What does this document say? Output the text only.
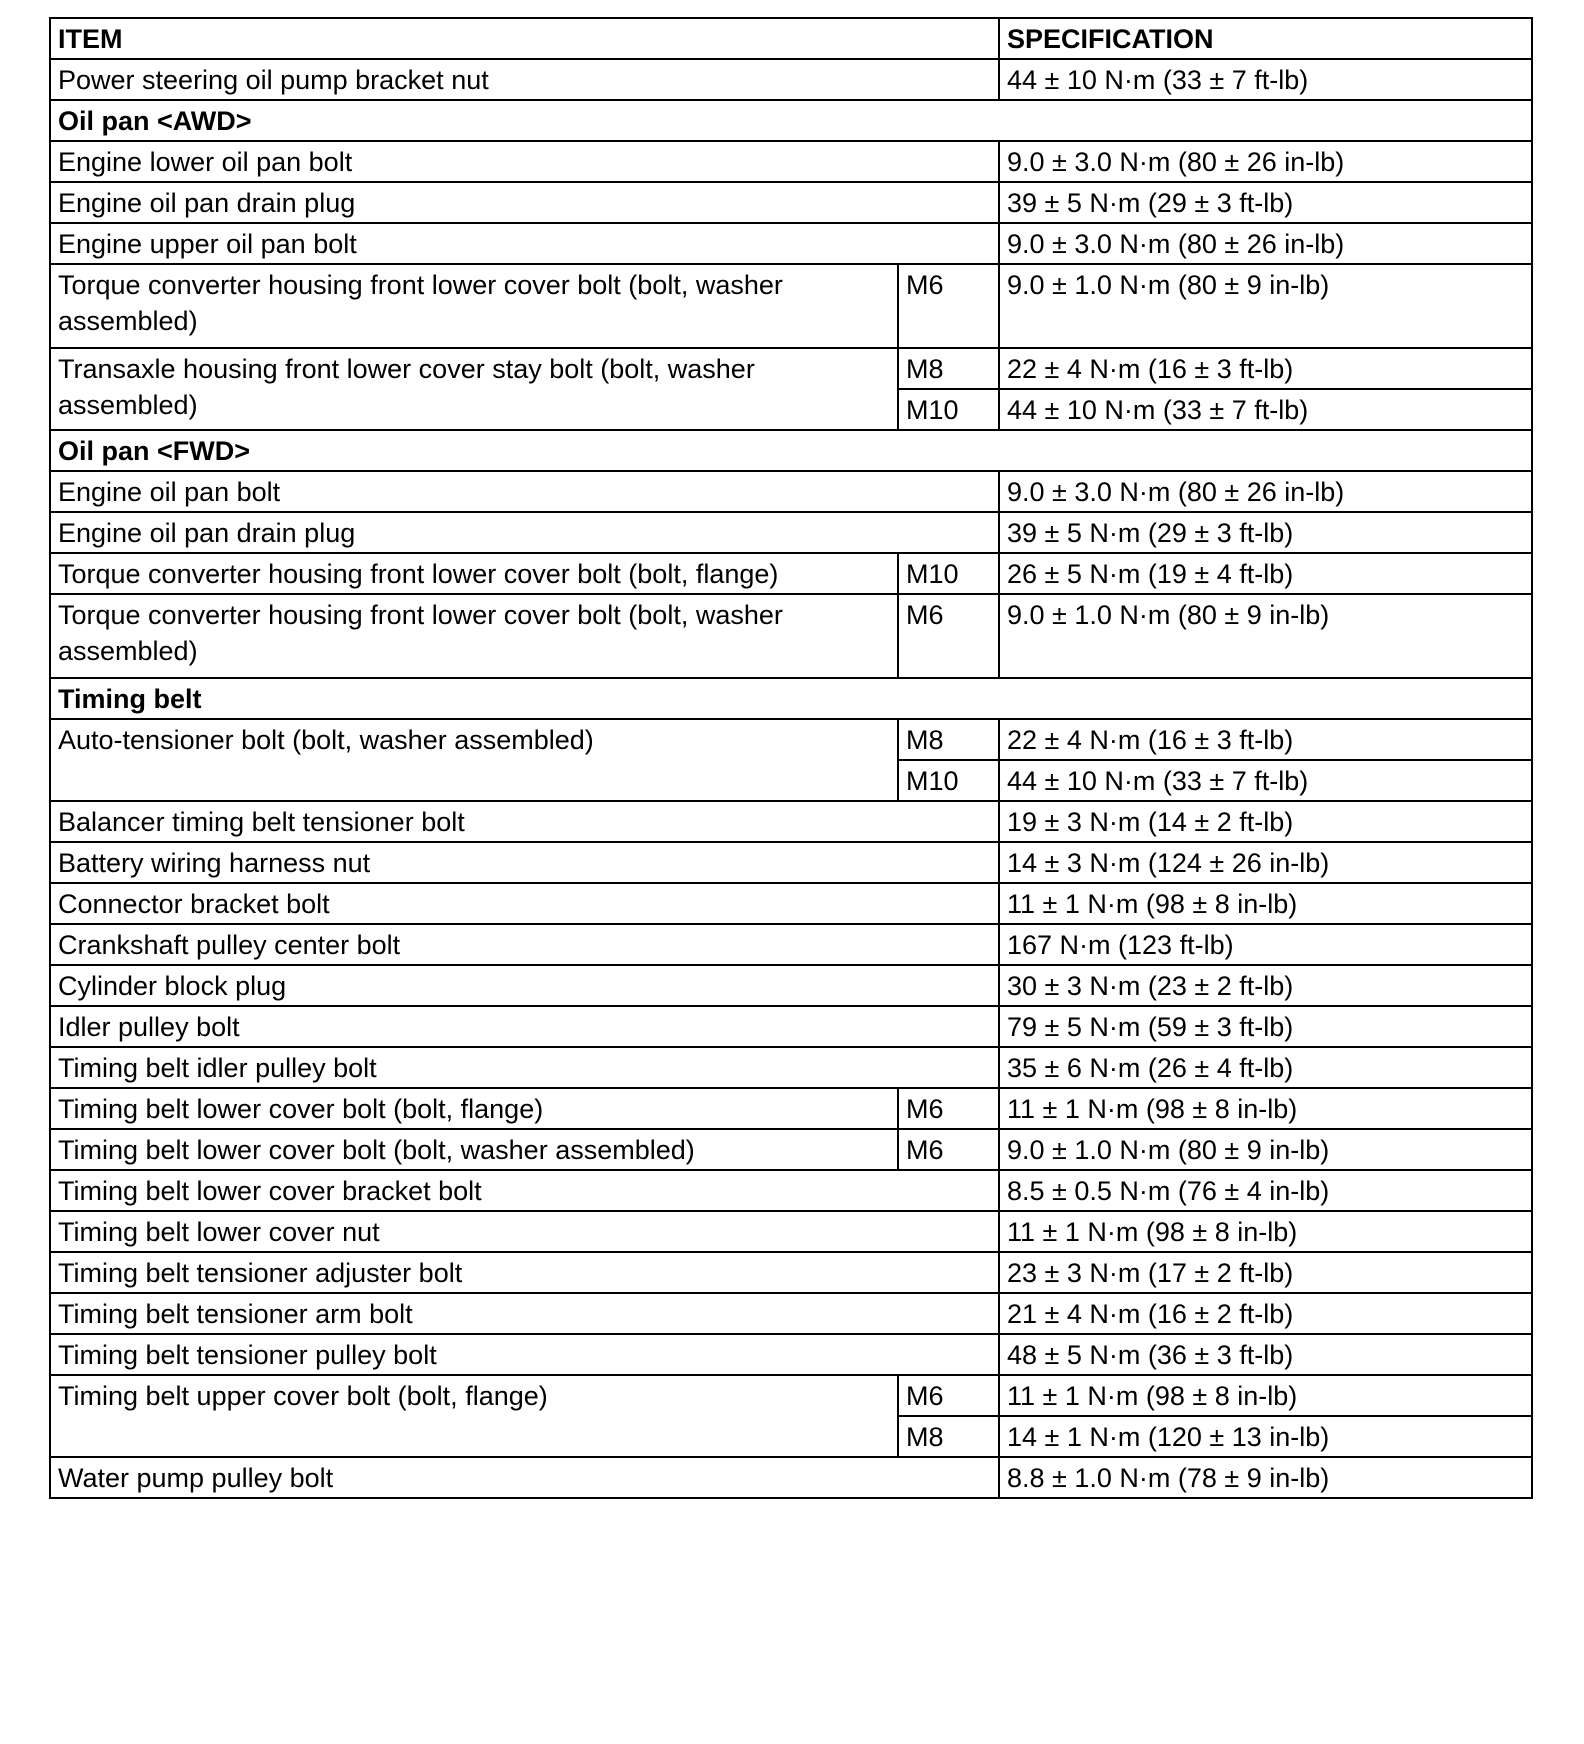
ITEM		SPECIFICATION
Power steering oil pump bracket nut		44 ± 10 N·m (33 ± 7 ft-lb)
Oil pan <AWD>		
Engine lower oil pan bolt		9.0 ± 3.0 N·m (80 ± 26 in-lb)
Engine oil pan drain plug		39 ± 5 N·m (29 ± 3 ft-lb)
Engine upper oil pan bolt		9.0 ± 3.0 N·m (80 ± 26 in-lb)
Torque converter housing front lower cover bolt (bolt, washer assembled)	M6	9.0 ± 1.0 N·m (80 ± 9 in-lb)
Transaxle housing front lower cover stay bolt (bolt, washer assembled)	M8	22 ± 4 N·m (16 ± 3 ft-lb)
	M10	44 ± 10 N·m (33 ± 7 ft-lb)
Oil pan <FWD>		
Engine oil pan bolt		9.0 ± 3.0 N·m (80 ± 26 in-lb)
Engine oil pan drain plug		39 ± 5 N·m (29 ± 3 ft-lb)
Torque converter housing front lower cover bolt (bolt, flange)	M10	26 ± 5 N·m (19 ± 4 ft-lb)
Torque converter housing front lower cover bolt (bolt, washer assembled)	M6	9.0 ± 1.0 N·m (80 ± 9 in-lb)
Timing belt		
Auto-tensioner bolt (bolt, washer assembled)	M8	22 ± 4 N·m (16 ± 3 ft-lb)
	M10	44 ± 10 N·m (33 ± 7 ft-lb)
Balancer timing belt tensioner bolt		19 ± 3 N·m (14 ± 2 ft-lb)
Battery wiring harness nut		14 ± 3 N·m (124 ± 26 in-lb)
Connector bracket bolt		11 ± 1 N·m (98 ± 8 in-lb)
Crankshaft pulley center bolt		167 N·m (123 ft-lb)
Cylinder block plug		30 ± 3 N·m (23 ± 2 ft-lb)
Idler pulley bolt		79 ± 5 N·m (59 ± 3 ft-lb)
Timing belt idler pulley bolt		35 ± 6 N·m (26 ± 4 ft-lb)
Timing belt lower cover bolt (bolt, flange)	M6	11 ± 1 N·m (98 ± 8 in-lb)
Timing belt lower cover bolt (bolt, washer assembled)	M6	9.0 ± 1.0 N·m (80 ± 9 in-lb)
Timing belt lower cover bracket bolt		8.5 ± 0.5 N·m (76 ± 4 in-lb)
Timing belt lower cover nut		11 ± 1 N·m (98 ± 8 in-lb)
Timing belt tensioner adjuster bolt		23 ± 3 N·m (17 ± 2 ft-lb)
Timing belt tensioner arm bolt		21 ± 4 N·m (16 ± 2 ft-lb)
Timing belt tensioner pulley bolt		48 ± 5 N·m (36 ± 3 ft-lb)
Timing belt upper cover bolt (bolt, flange)	M6	11 ± 1 N·m (98 ± 8 in-lb)
	M8	14 ± 1 N·m (120 ± 13 in-lb)
Water pump pulley bolt		8.8 ± 1.0 N·m (78 ± 9 in-lb)
